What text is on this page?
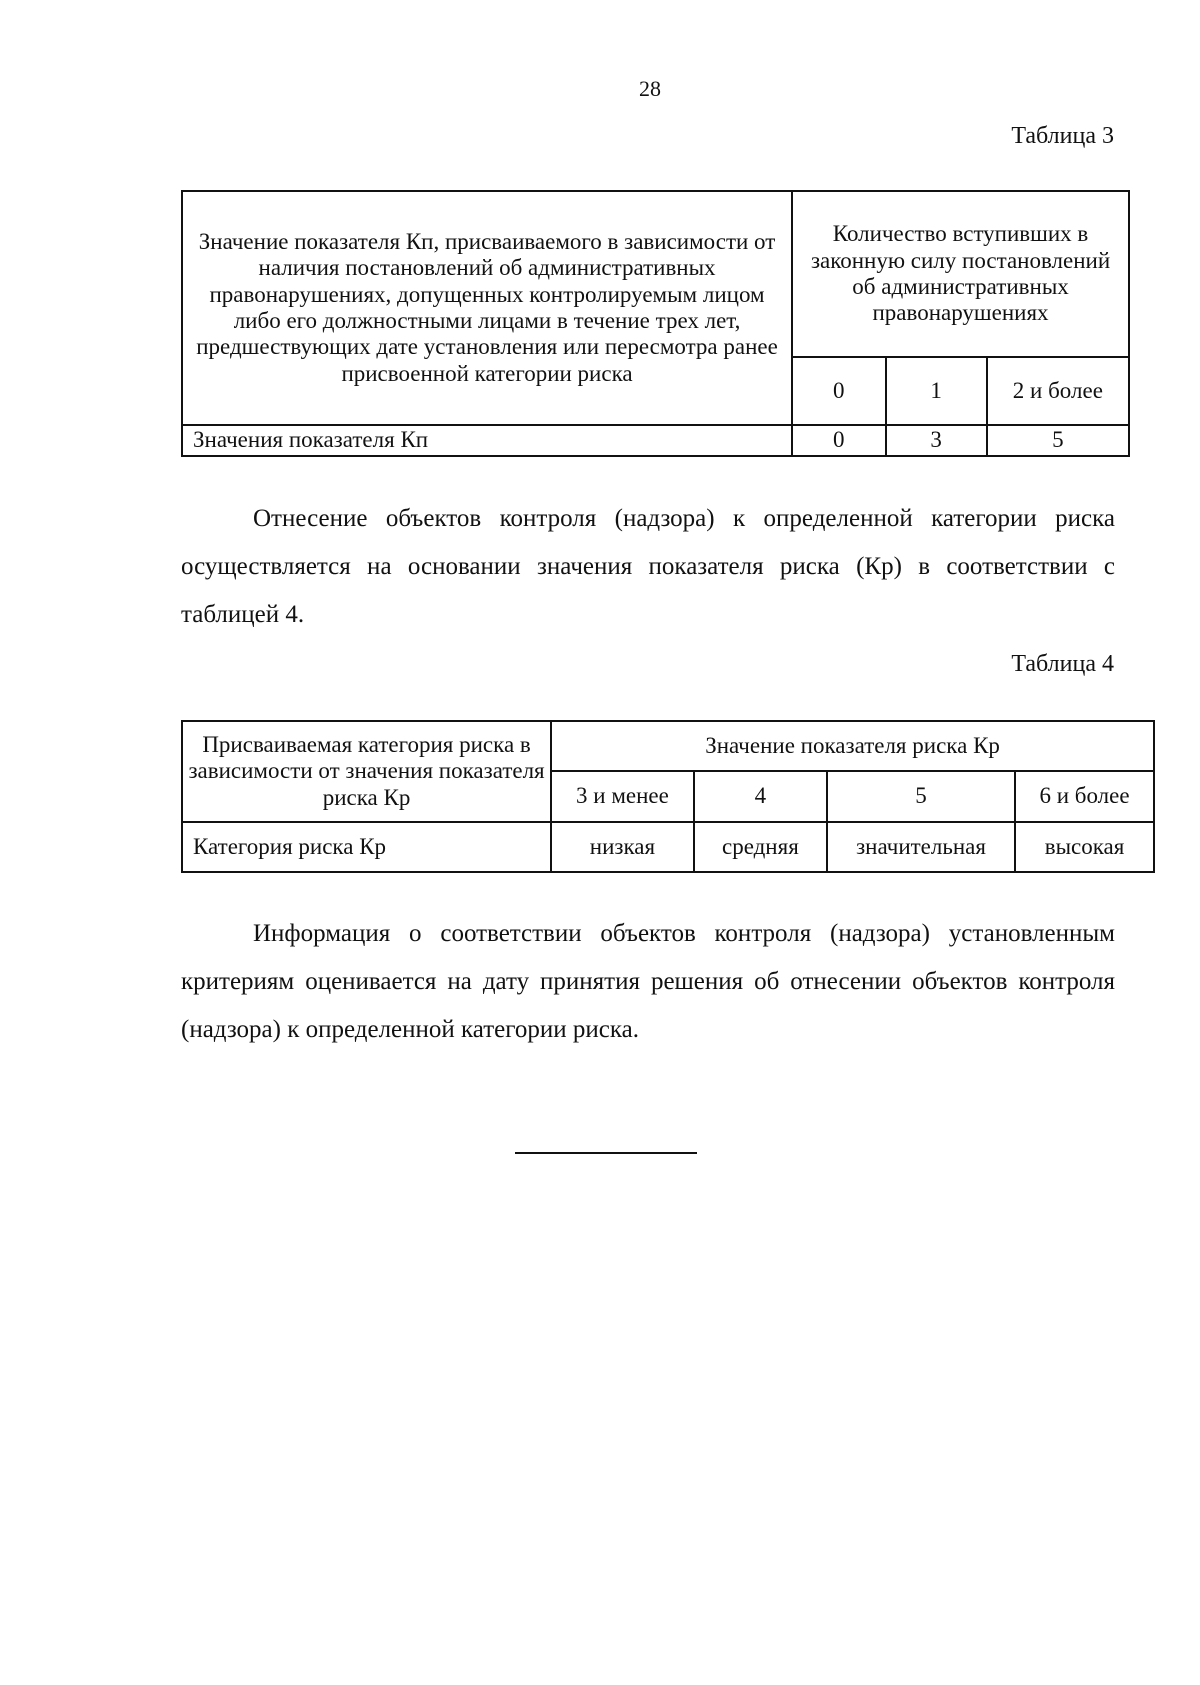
28
Таблица 3
Значение показателя Кп, присваиваемого в зависимости от наличия постановлений об административных правонарушениях, допущенных контролируемым лицом либо его должностными лицами в течение трех лет, предшествующих дате установления или пересмотра ранее присвоенной категории риска	Количество вступивших в законную силу постановлений об административных правонарушениях		
	0	1	2 и более
Значения показателя Кп	0	3	5

Отнесение объектов контроля (надзора) к определенной категории риска осуществляется на основании значения показателя риска (Кр) в соответствии с таблицей 4.

Таблица 4
Присваиваемая категория риска в зависимости от значения показателя риска Кр	Значение показателя риска Кр			
	3 и менее	4	5	6 и более
Категория риска Кр	низкая	средняя	значительная	высокая

Информация о соответствии объектов контроля (надзора) установленным критериям оценивается на дату принятия решения об отнесении объектов контроля (надзора) к определенной категории риска.
